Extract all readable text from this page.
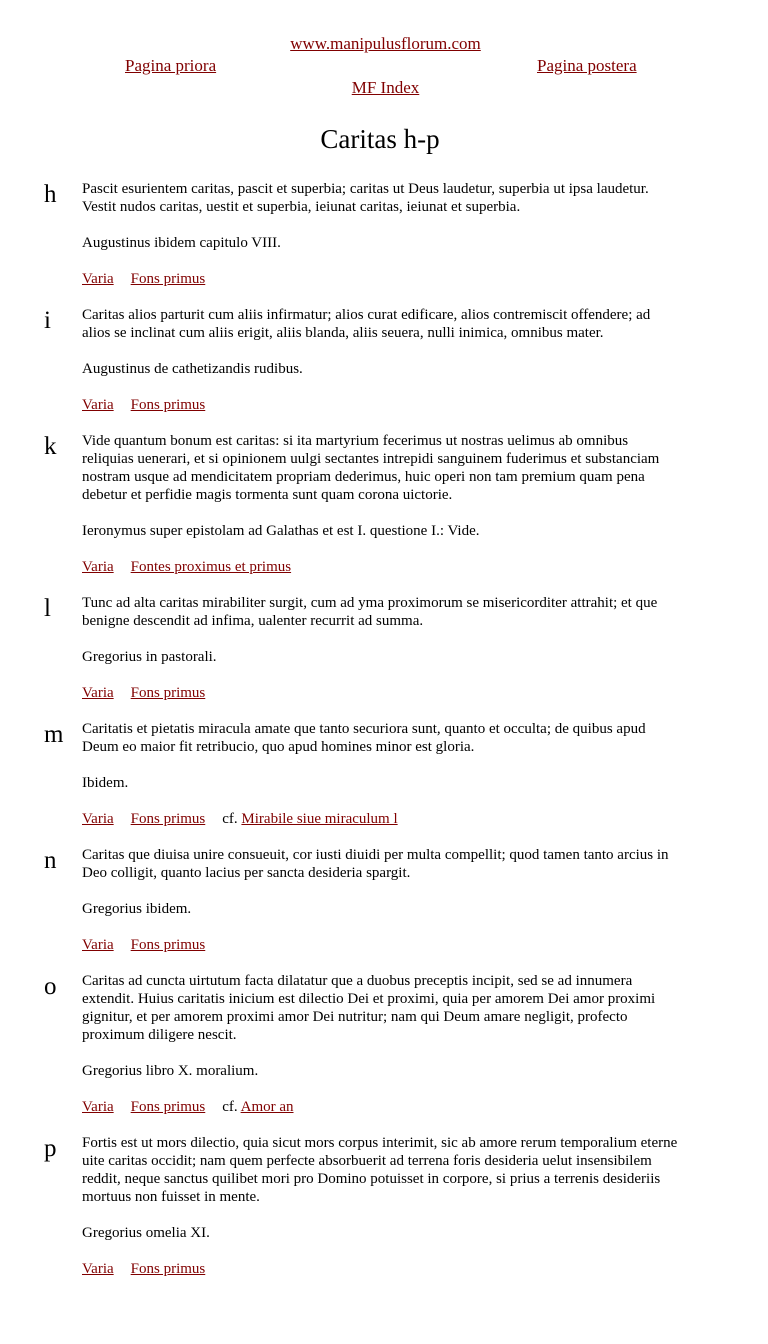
www.manipulusflorum.com
Pagina priora	Pagina postera
MF Index
Caritas h-p
h	Pascit esurientem caritas, pascit et superbia; caritas ut Deus laudetur, superbia ut ipsa laudetur. Vestit nudos caritas, uestit et superbia, ieiunat caritas, ieiunat et superbia.

Augustinus ibidem capitulo VIII.

Varia Fons primus
i	Caritas alios parturit cum aliis infirmatur; alios curat edificare, alios contremiscit offendere; ad alios se inclinat cum aliis erigit, aliis blanda, aliis seuera, nulli inimica, omnibus mater.

Augustinus de cathetizandis rudibus.

Varia Fons primus
k	Vide quantum bonum est caritas: si ita martyrium fecerimus ut nostras uelimus ab omnibus reliquias uenerari, et si opinionem uulgi sectantes intrepidi sanguinem fuderimus et substanciam nostram usque ad mendicitatem propriam dederimus, huic operi non tam premium quam pena debetur et perfidie magis tormenta sunt quam corona uictorie.

Ieronymus super epistolam ad Galathas et est I. questione I.: Vide.

Varia Fontes proximus et primus
l	Tunc ad alta caritas mirabiliter surgit, cum ad yma proximorum se misericorditer attrahit; et que benigne descendit ad infima, ualenter recurrit ad summa.

Gregorius in pastorali.

Varia Fons primus
m Caritatis et pietatis miracula amate que tanto securiora sunt, quanto et occulta; de quibus apud Deum eo maior fit retribucio, quo apud homines minor est gloria.

Ibidem.

Varia Fons primus cf. Mirabile siue miraculum l
n	Caritas que diuisa unire consueuit, cor iusti diuidi per multa compellit; quod tamen tanto arcius in Deo colligit, quanto lacius per sancta desideria spargit.

Gregorius ibidem.

Varia Fons primus
o	Caritas ad cuncta uirtutum facta dilatatur que a duobus preceptis incipit, sed se ad innumera extendit. Huius caritatis inicium est dilectio Dei et proximi, quia per amorem Dei amor proximi gignitur, et per amorem proximi amor Dei nutritur; nam qui Deum amare negligit, profecto proximum diligere nescit.

Gregorius libro X. moralium.

Varia Fons primus cf. Amor an
p	Fortis est ut mors dilectio, quia sicut mors corpus interimit, sic ab amore rerum temporalium eterne uite caritas occidit; nam quem perfecte absorbuerit ad terrena foris desideria uelut insensibilem reddit, neque sanctus quilibet mori pro Domino potuisset in corpore, si prius a terrenis desideriis mortuus non fuisset in mente.

Gregorius omelia XI.

Varia Fons primus
